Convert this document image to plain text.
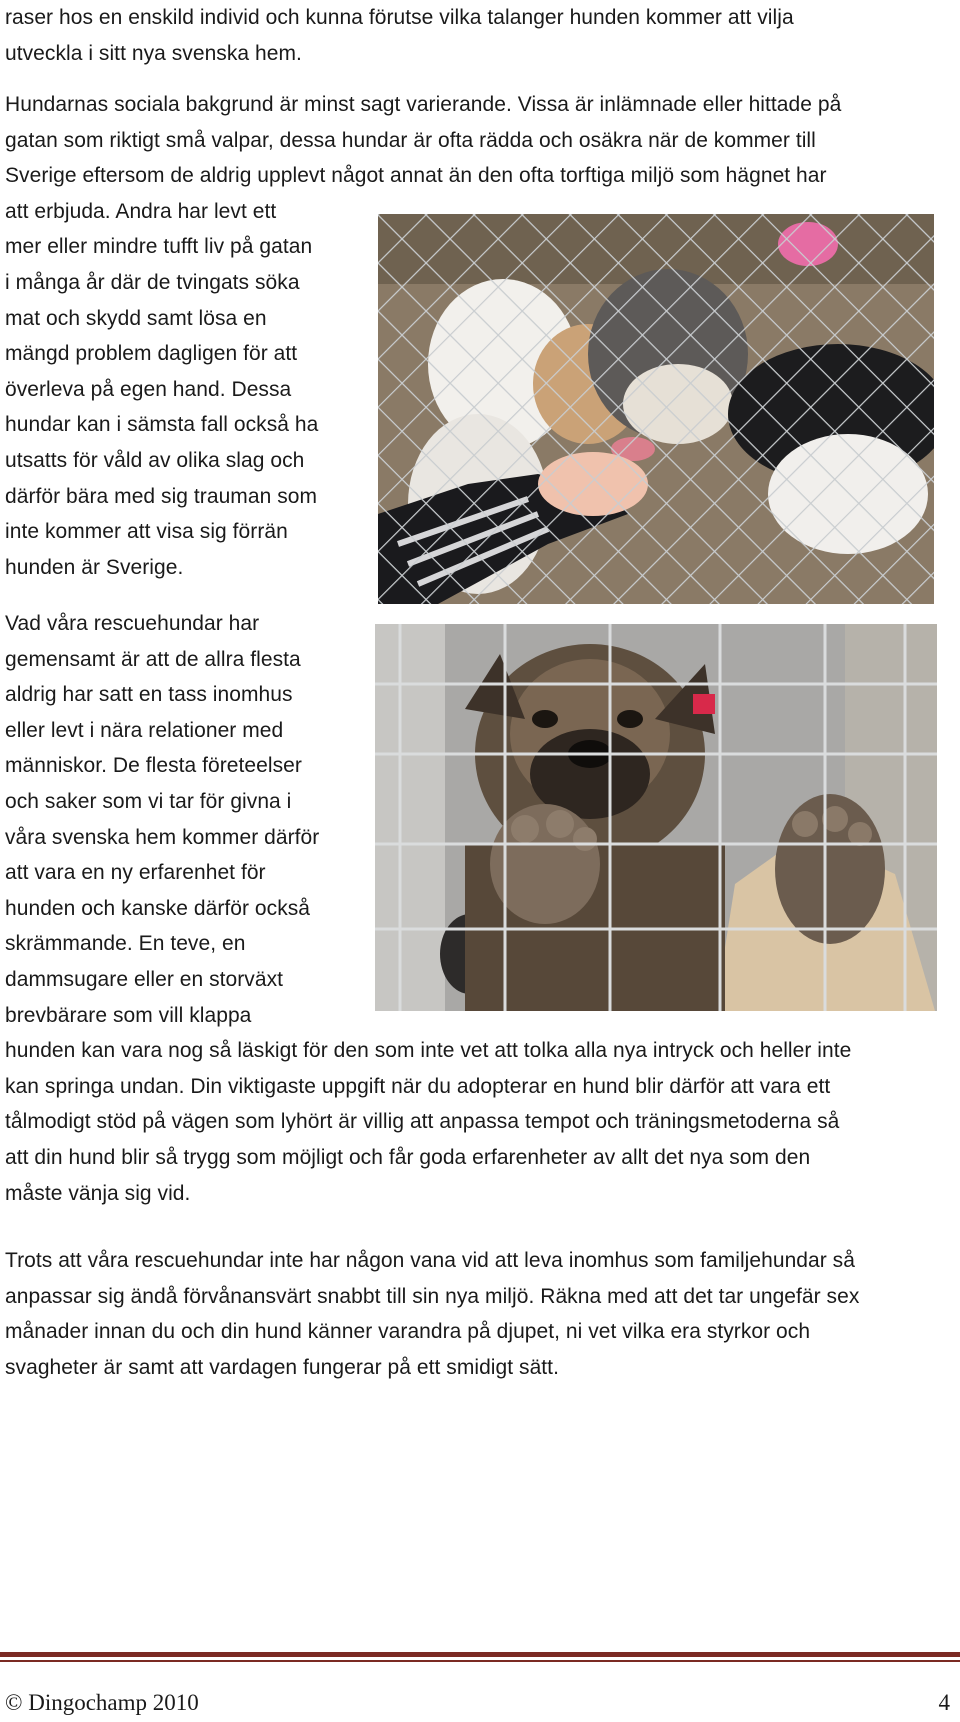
raser hos en enskild individ och kunna förutse vilka talanger hunden kommer att vilja
utveckla i sitt nya svenska hem.
Hundarnas sociala bakgrund är minst sagt varierande. Vissa är inlämnade eller hittade på
gatan som riktigt små valpar, dessa hundar är ofta rädda och osäkra när de kommer till
Sverige eftersom de aldrig upplevt något annat än den ofta torftiga miljö som hägnet har
att erbjuda. Andra har levt ett
mer eller mindre tufft liv på gatan
i många år där de tvingats söka
mat och skydd samt lösa en
mängd problem dagligen för att
överleva på egen hand. Dessa
hundar kan i sämsta fall också ha
utsatts för våld av olika slag och
därför bära med sig trauman som
inte kommer att visa sig förrän
hunden är Sverige.
Vad våra rescuehundar har
gemensamt är att de allra flesta
aldrig har satt en tass inomhus
eller levt i nära relationer med
människor. De flesta företeelser
och saker som vi tar för givna i
våra svenska hem kommer därför
att vara en ny erfarenhet för
hunden och kanske därför också
skrämmande. En teve, en
dammsugare eller en storväxt
brevbärare som vill klappa
hunden kan vara nog så läskigt för den som inte vet att tolka alla nya intryck och heller inte
kan springa undan. Din viktigaste uppgift när du adopterar en hund blir därför att vara ett
tålmodigt stöd på vägen som lyhört är villig att anpassa tempot och träningsmetoderna så
att din hund blir så trygg som möjligt och får goda erfarenheter av allt det nya som den
måste vänja sig vid.
Trots att våra rescuehundar inte har någon vana vid att leva inomhus som familjehundar så
anpassar sig ändå förvånansvärt snabbt till sin nya miljö. Räkna med att det tar ungefär sex
månader innan du och din hund känner varandra på djupet, ni vet vilka era styrkor och
svagheter är samt att vardagen fungerar på ett smidigt sätt.
© Dingochamp 2010	4
